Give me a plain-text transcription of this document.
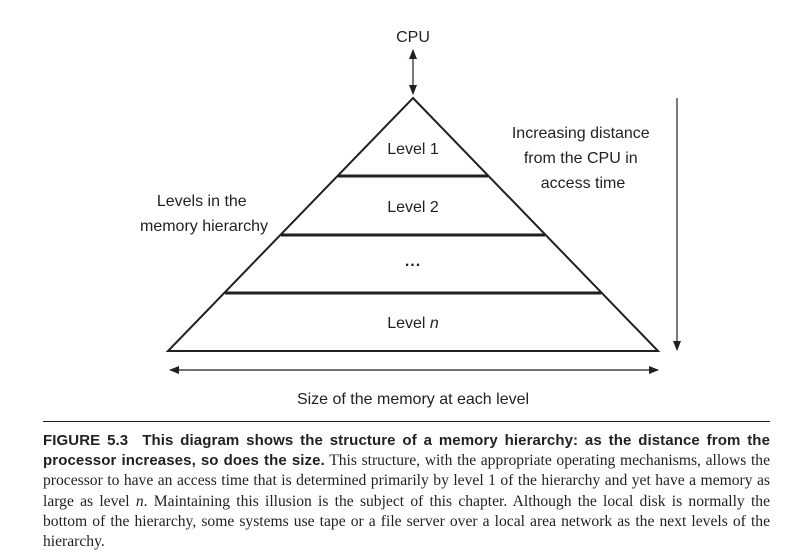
CPU
Level 1
Level 2
...
Level n
Levels in the memory hierarchy
Increasing distance from the CPU in access time
Size of the memory at each level
FIGURE 5.3 This diagram shows the structure of a memory hierarchy: as the distance from the processor increases, so does the size. This structure, with the appropriate operating mechanisms, allows the processor to have an access time that is determined primarily by level 1 of the hierarchy and yet have a memory as large as level n. Maintaining this illusion is the subject of this chapter. Although the local disk is normally the bottom of the hierarchy, some systems use tape or a file server over a local area network as the next levels of the hierarchy.
